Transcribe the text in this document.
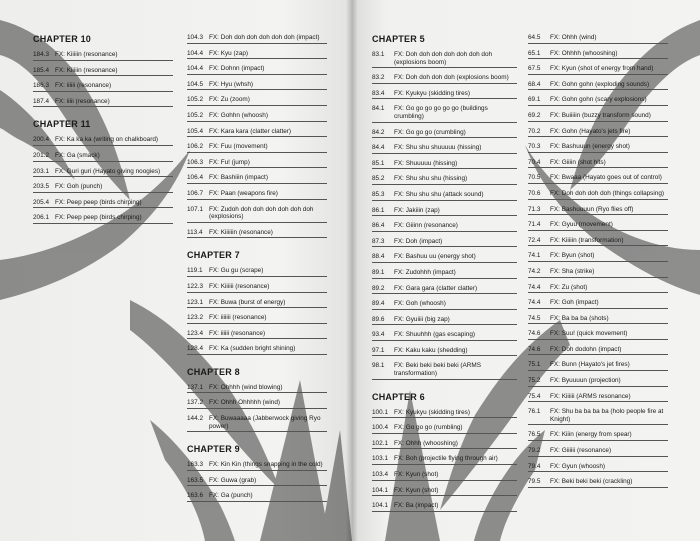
CHAPTER 10
184.3 FX: Kiiiiin (resonance)
185.4 FX: Kiiiiin (resonance)
186.3 FX: iiiiii (resonance)
187.4 FX: iiiii (resonance)
CHAPTER 11
200.4 FX: Ka ka ka (writing on chalkboard)
201.2 FX: Ga (smack)
203.1 FX: Guri guri (Hayato giving noogies)
203.5 FX: Goh (punch)
205.4 FX: Peep peep (birds chirping)
206.1 FX: Peep peep (birds chirping)
104.3 FX: Doh doh doh doh doh doh (impact)
104.4 FX: Kyu (zap)
104.4 FX: Dohnn (impact)
104.5 FX: Hyu (whsh)
105.2 FX: Zu (zoom)
105.2 FX: Gohhn (whoosh)
105.4 FX: Kara kara (clatter clatter)
106.2 FX: Fuu (movement)
106.3 FX: Fu! (jump)
106.4 FX: Bashiiin (impact)
106.7 FX: Paan (weapons fire)
107.1 FX: Zudoh doh doh doh doh doh doh (explosions)
113.4	FX: Kiiiiiin (resonance)
CHAPTER 7
119.1	FX: Gu gu (scrape)
122.3 FX: Kiiiiii (resonance)
123.1 FX: Buwa (burst of energy)
123.2 FX: iiiiiii (resonance)
123.4 FX: iiiiii (resonance)
128.4 FX: Ka (sudden bright shining)
CHAPTER 8
137.1 FX: Ohhhh (wind blowing)
137.2 FX: Ohhh Ohhhhh (wind)
144.2 FX: Buwaaaaa (Jabberwock giving Ryo power)
CHAPTER 9
163.3 FX: Kin Kin (things snapping in the cold)
163.5 FX: Guwa (grab)
163.6 FX: Ga (punch)
CHAPTER 5
83.1	FX: Doh doh doh doh doh doh doh (explosions boom)
83.2	FX: Doh doh doh doh (explosions boom)
83.4	FX: Kyukyu (skidding tires)
84.1	FX: Go go go go go go (buildings crumbling)
84.2	FX: Go go go (crumbling)
84.4	FX: Shu shu shuuuuu (hissing)
85.1	FX: Shuuuuu (hissing)
85.2	FX: Shu shu shu (hissing)
85.3	FX: Shu shu shu (attack sound)
86.1	FX: Jakiiin (zap)
86.4	FX: Giiinn (resonance)
87.3	FX: Doh (impact)
88.4	FX: Bashuu uu (energy shot)
89.1	FX: Zudohhh (impact)
89.2	FX: Gara gara (clatter clatter)
89.4	FX: Goh (whoosh)
89.6	FX: Gyuiiii (big zap)
93.4	FX: Shuuhhh (gas escaping)
97.1	FX: Kaku kaku (shedding)
98.1	FX: Beki beki beki beki (ARMS transformation)
CHAPTER 6
100.1 FX: Kyukyu (skidding tires)
100.4 FX: Go go go (rumbling)
102.1 FX: Ohhh (whooshing)
103.1 FX: Boh (projectile flying through air)
103.4 FX: Kyun (shot)
104.1 FX: Kyun (shot)
104.1 FX: Ba (impact)
64.5	FX: Ohhh (wind)
65.1	FX: Ohhhh (whooshing)
67.5	FX: Kyun (shot of energy from hand)
68.4	FX: Gohn gohn (exploding sounds)
69.1	FX: Gohn gohn (scary explosions)
69.2	FX: Buiiiiin (buzzy transform sound)
70.2	FX: Gohn (Hayato's jets fire)
70.3	FX: Bashuuun (energy shot)
70.4	FX: Giiiin (shot hits)
70.5	FX: Bwaaa (Hayato goes out of control)
70.6	FX: Doh doh doh doh (things collapsing)
71.3	FX: Bashuuuun (Ryo flies off)
71.4	FX: Gyuu (movement)
72.4	FX: Kiiiiin (transformation)
74.1	FX: Byun (shot)
74.2	FX: Sha (strike)
74.4	FX: Zu (shot)
74.4	FX: Goh (impact)
74.5	FX: Ba ba ba (shots)
74.6	FX: Suu! (quick movement)
74.6	FX: Doh dodohn (impact)
75.1	FX: Bunn (Hayato's jet fires)
75.2	FX: Byuuuun (projection)
75.4	FX: Kiiiiii (ARMS resonance)
76.1	FX: Shu ba ba ba ba (holo people fire at Knight)
76.5	FX: Kiiin (energy from spear)
79.2	FX: Giiiiii (resonance)
79.4	FX: Gyun (whoosh)
79.5	FX: Beki beki beki (crackling)
